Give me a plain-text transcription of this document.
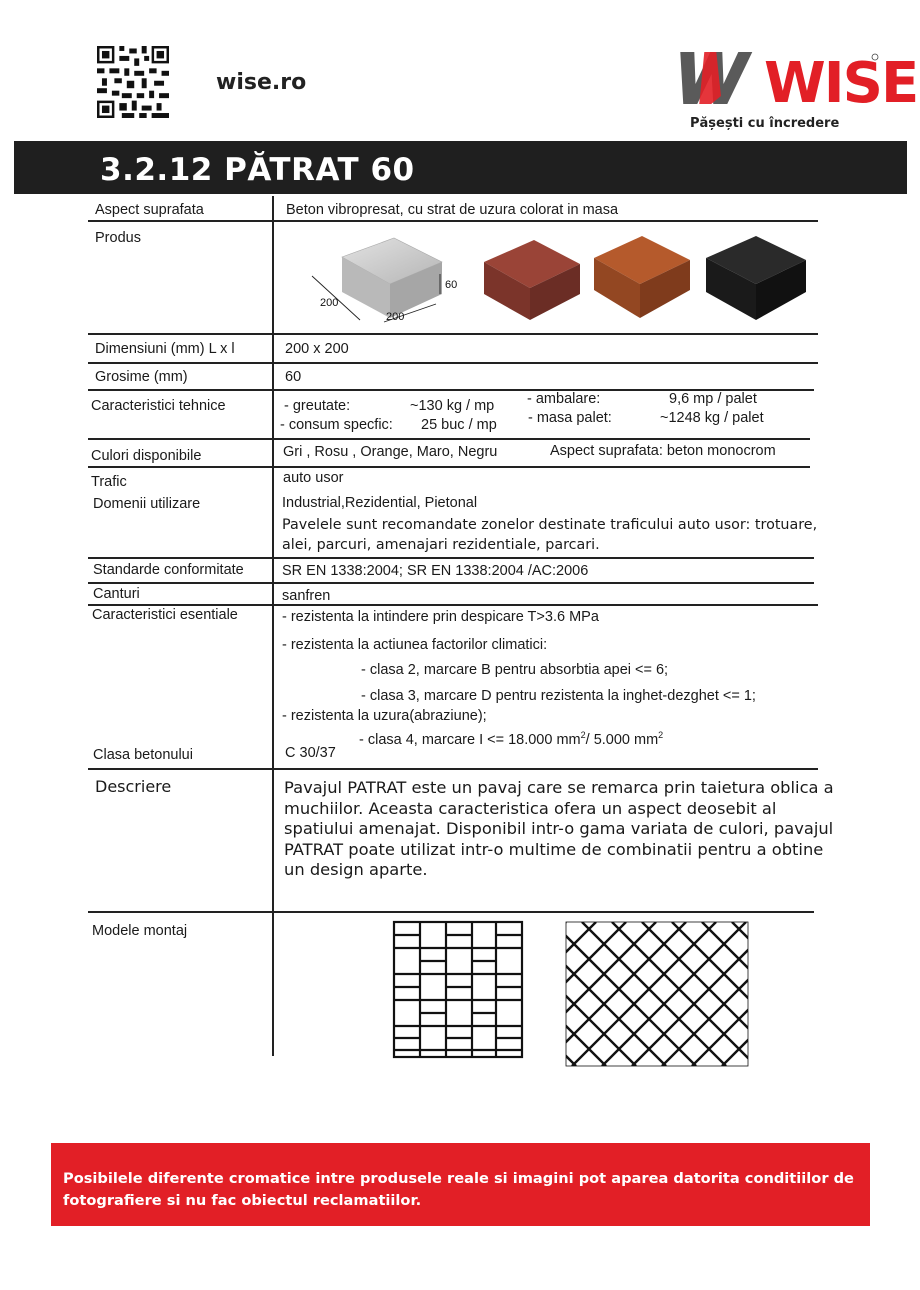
wise.ro	WISE
Pășești cu încredere
3.2.12 PĂTRAT 60
Aspect suprafata	Beton vibropresat, cu strat de uzura colorat in masa
Produs
200
200
60
Dimensiuni (mm) L x l	200 x 200
Grosime (mm)	60
Caracteristici tehnice	- greutate:	~130 kg / mp
- consum specfic: 25 buc / mp
- ambalare:	9,6 mp / palet
- masa palet:	~1248 kg / palet
Culori disponibile	Gri , Rosu , Orange, Maro, Negru	Aspect suprafata: beton monocrom
Trafic	auto usor
Domenii utilizare	Industrial,Rezidential, Pietonal
Pavelele sunt recomandate zonelor destinate traficului auto usor: trotuare, alei, parcuri, amenajari rezidentiale, parcari.
Standarde conformitate	SR EN 1338:2004; SR EN 1338:2004 /AC:2006
Canturi	sanfren
Caracteristici esentiale	- rezistenta la intindere prin despicare T>3.6 MPa
- rezistenta la actiunea factorilor climatici:
- clasa 2, marcare B pentru absorbtia apei <= 6;
- clasa 3, marcare D pentru rezistenta la inghet-dezghet <= 1;
- rezistenta la uzura(abraziune);
- clasa 4, marcare I <= 18.000 $mm^2/$ 5.000 $mm^2$
Clasa betonului	C 30/37
Descriere	Pavajul PATRAT este un pavaj care se remarca prin taietura oblica a muchiilor. Aceasta caracteristica ofera un aspect deosebit al spatiului amenajat. Disponibil intr-o gama variata de culori, pavajul PATRAT poate utilizat intr-o multime de combinatii pentru a obtine un design aparte.
Modele montaj
Posibilele diferente cromatice intre produsele reale si imagini pot aparea datorita conditiilor de fotografiere si nu fac obiectul reclamatiilor.
